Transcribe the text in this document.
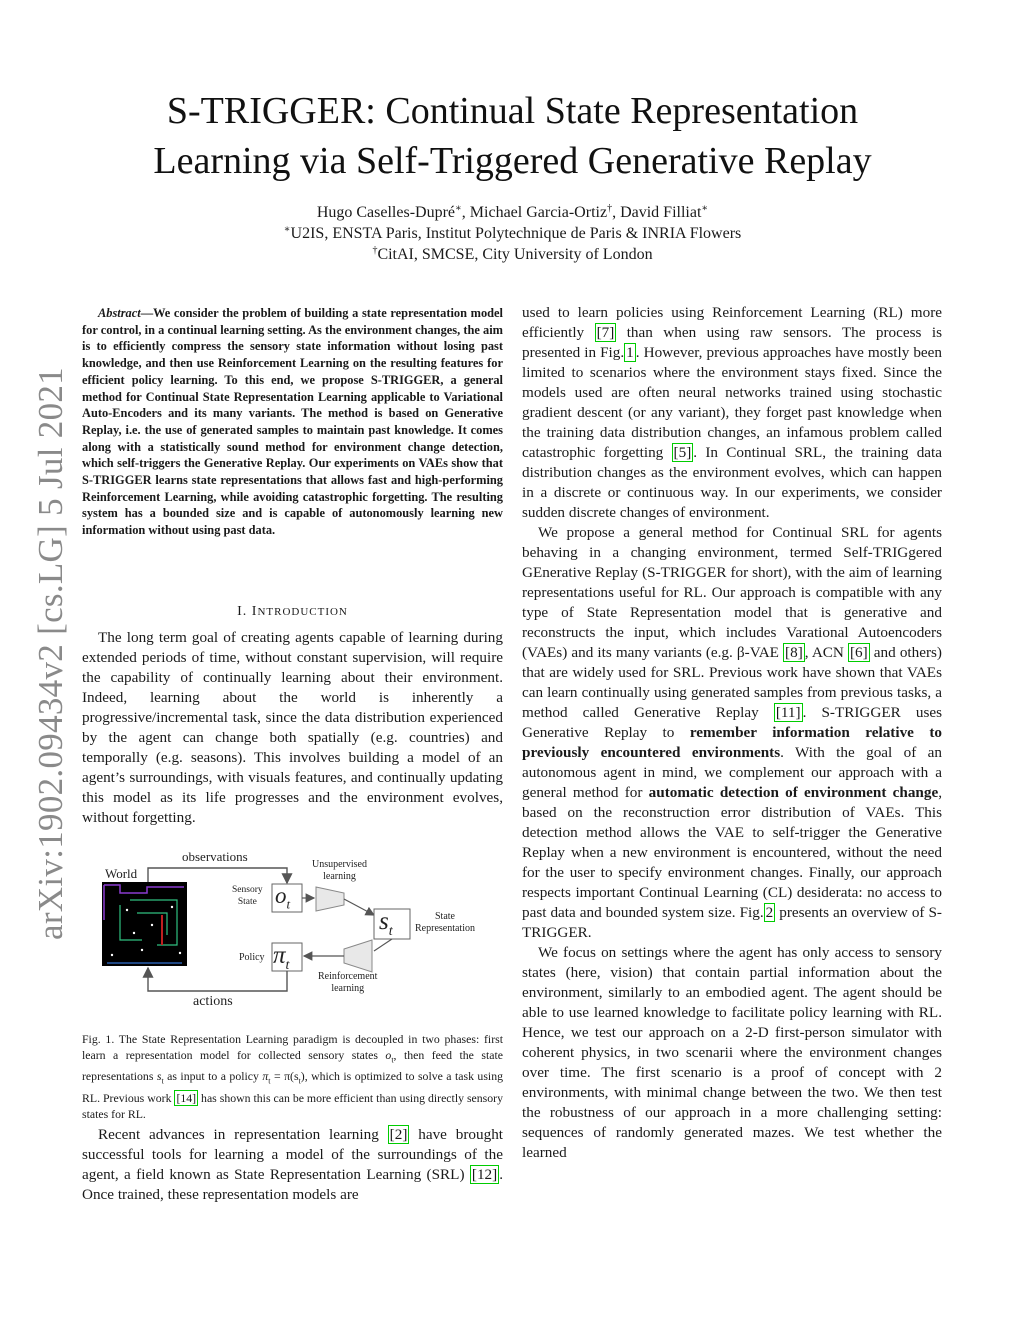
arXiv:1902.09434v2 [cs.LG] 5 Jul 2021
S-TRIGGER: Continual State Representation
Learning via Self-Triggered Generative Replay
Hugo Caselles-Dupré∗, Michael Garcia-Ortiz†, David Filliat∗
∗U2IS, ENSTA Paris, Institut Polytechnique de Paris & INRIA Flowers
†CitAI, SMCSE, City University of London
Abstract—We consider the problem of building a state representation model for control, in a continual learning setting. As the environment changes, the aim is to efficiently compress the sensory state information without losing past knowledge, and then use Reinforcement Learning on the resulting features for efficient policy learning. To this end, we propose S-TRIGGER, a general method for Continual State Representation Learning applicable to Variational Auto-Encoders and its many variants. The method is based on Generative Replay, i.e. the use of generated samples to maintain past knowledge. It comes along with a statistically sound method for environment change detection, which self-triggers the Generative Replay. Our experiments on VAEs show that S-TRIGGER learns state representations that allows fast and high-performing Reinforcement Learning, while avoiding catastrophic forgetting. The resulting system has a bounded size and is capable of autonomously learning new information without using past data.
I. INTRODUCTION

The long term goal of creating agents capable of learning during extended periods of time, without constant supervision, will require the capability of continually learning about their environment. Indeed, learning about the world is inherently a progressive/incremental task, since the data distribution experienced by the agent can change both spatially (e.g. countries) and temporally (e.g. seasons). This involves building a model of an agent’s surroundings, with visuals features, and continually updating this model as its life progresses and the environment evolves, without forgetting.

observations
World
Unsupervised
learning
Sensory
State $o_t$
$s_t$
State
Representation
Policy $\pi_t$
Reinforcement
learning
actions
Fig. 1. The State Representation Learning paradigm is decoupled in two phases: first learn a representation model for collected sensory states $o_t$, then feed the state representations $s_t$ as input to a policy $\pi_t = \pi(s_t)$, which is optimized to solve a task using RL. Previous work [14] has shown this can be more efficient than using directly sensory states for RL.

Recent advances in representation learning [2] have brought successful tools for learning a model of the surroundings of the agent, a field known as State Representation Learning (SRL) [12] . Once trained, these representation models are

used to learn policies using Reinforcement Learning (RL) more efficiently [7] than when using raw sensors. The process is presented in Fig. 1 . However, previous approaches have mostly been limited to scenarios where the environment stays fixed. Since the models used are often neural networks trained using stochastic gradient descent (or any variant), they forget past knowledge when the training data distribution changes, an infamous problem called catastrophic forgetting [5] . In Continual SRL, the training data distribution changes as the environment evolves, which can happen in a discrete or continuous way. In our experiments, we consider sudden discrete changes of environment.

We propose a general method for Continual SRL for agents behaving in a changing environment, termed Self-TRIGgered GEnerative Replay (S-TRIGGER for short), with the aim of learning representations useful for RL. Our approach is compatible with any type of State Representation model that is generative and reconstructs the input, which includes Varational Autoencoders (VAEs) and its many variants (e.g. β-VAE [8] , ACN [6] and others) that are widely used for SRL. Previous work have shown that VAEs can learn continually using generated samples from previous tasks, a method called Generative Replay [11] . S-TRIGGER uses Generative Replay to remember information relative to previously encountered environments. With the goal of an autonomous agent in mind, we complement our approach with a general method for automatic detection of environment change, based on the reconstruction error distribution of VAEs. This detection method allows the VAE to self-trigger the Generative Replay when a new environment is encountered, without the need for the user to specify environment changes. Finally, our approach respects important Continual Learning (CL) desiderata: no access to past data and bounded system size. Fig. 2 presents an overview of S-TRIGGER.

We focus on settings where the agent has only access to sensory states (here, vision) that contain partial information about the environment, similarly to an embodied agent. The agent should be able to use learned knowledge to facilitate policy learning with RL. Hence, we test our approach on a 2-D first-person simulator with coherent physics, in two scenarii where the environment changes over time. The first scenario is a proof of concept with 2 environments, with minimal change between the two. We then test the robustness of our approach in a more challenging setting: sequences of randomly generated mazes. We test whether the learned
